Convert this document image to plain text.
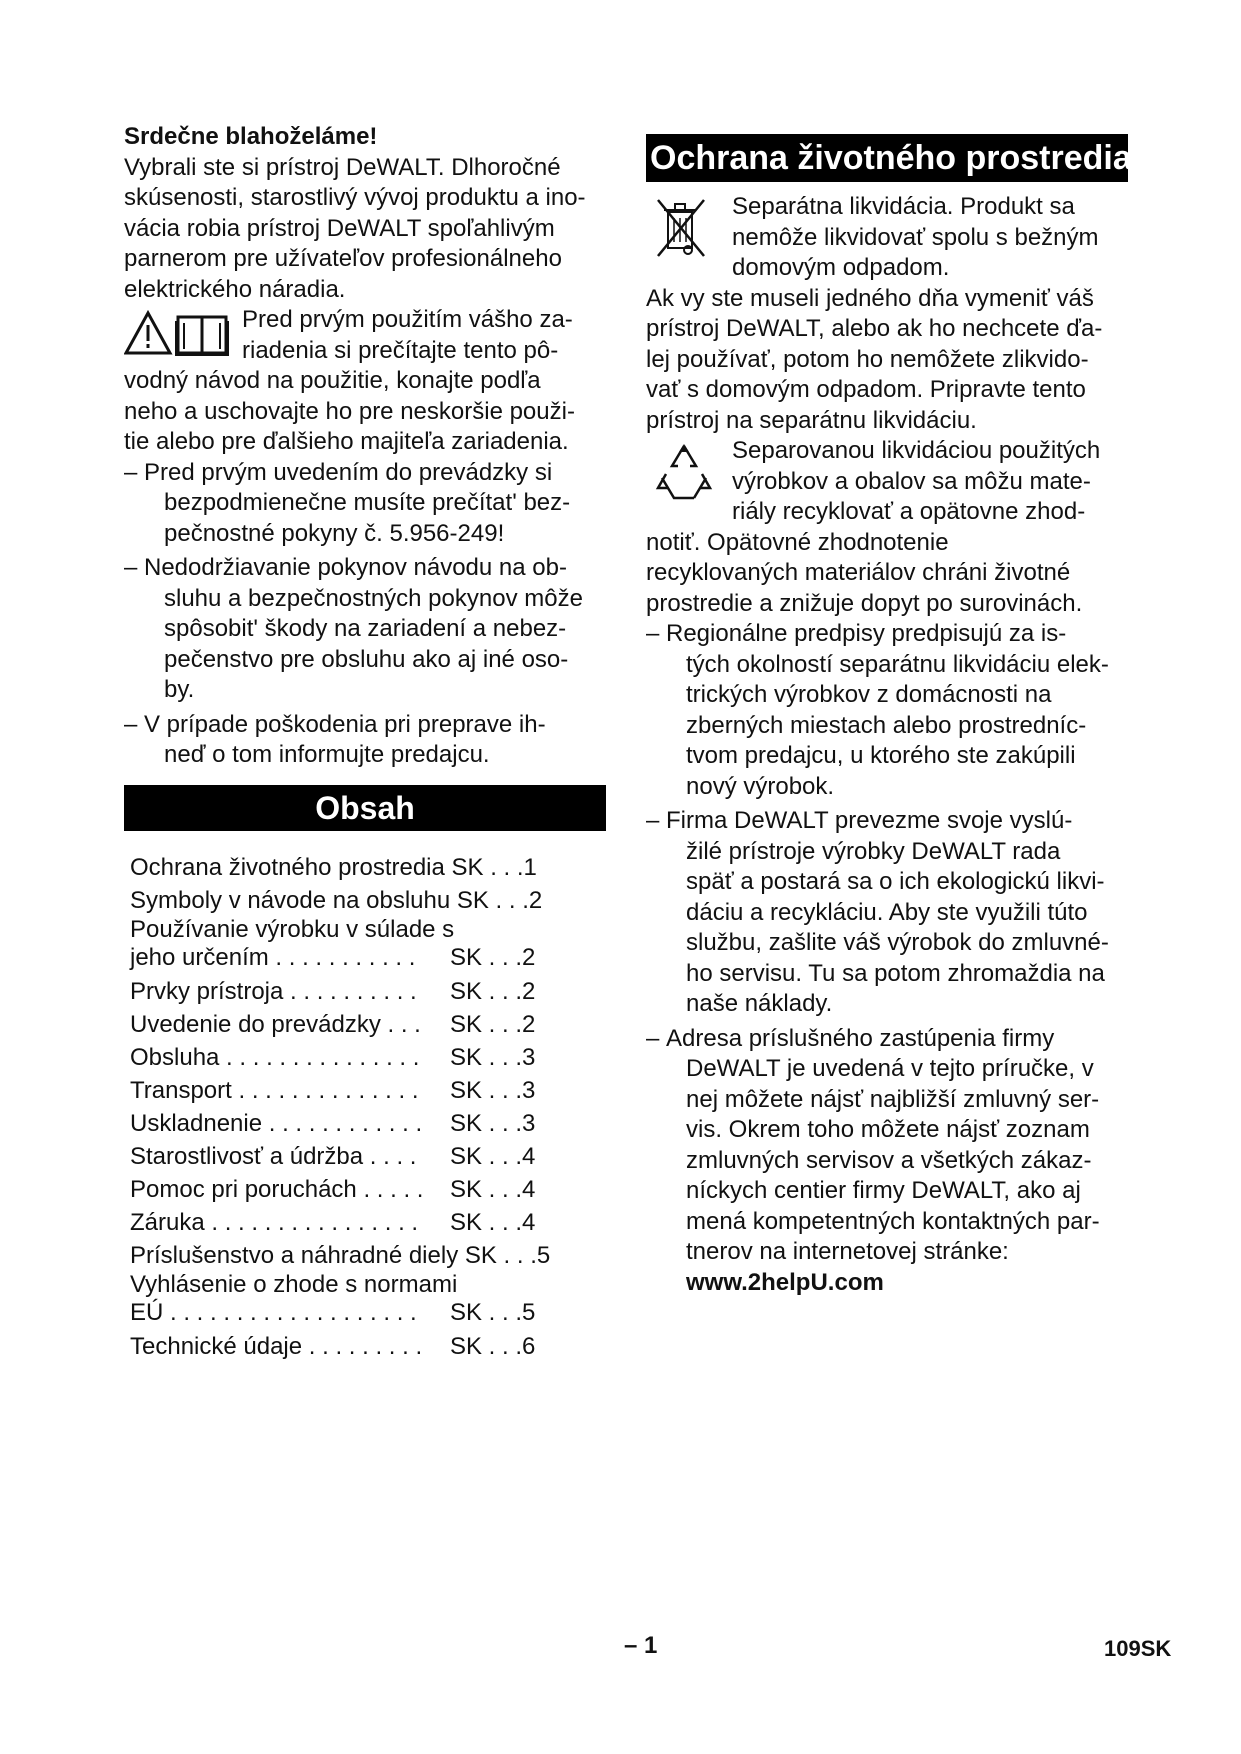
Srdečne blahoželáme!

Vybrali ste si prístroj DeWALT. Dlhoročné
skúsenosti, starostlivý vývoj produktu a ino-
vácia robia prístroj DeWALT spoľahlivým
parnerom pre užívateľov profesionálneho
elektrického náradia.
Pred prvým použitím vášho za-
riadenia si prečítajte tento pô-
vodný návod na použitie, konajte podľa
neho a uschovajte ho pre neskoršie použi-
tie alebo pre ďalšieho majiteľa zariadenia.
– Pred prvým uvedením do prevádzky si
bezpodmienečne musíte prečítat' bez-
pečnostné pokyny č. 5.956-249!
– Nedodržiavanie pokynov návodu na ob-
sluhu a bezpečnostných pokynov môže
spôsobit' škody na zariadení a nebez-
pečenstvo pre obsluhu ako aj iné oso-
by.
– V prípade poškodenia pri preprave ih-
neď o tom informujte predajcu.
Obsah
Ochrana životného prostredia SK . . .1
Symboly v návode na obsluhu SK . . .2
Používanie výrobku v súlade s
jeho určením . . . . . . . . . . . SK . . .2
Prvky prístroja . . . . . . . . . . SK . . .2
Uvedenie do prevádzky . . . SK . . .2
Obsluha . . . . . . . . . . . . . . . SK . . .3
Transport . . . . . . . . . . . . . . SK . . .3
Uskladnenie . . . . . . . . . . . . SK . . .3
Starostlivosť a údržba . . . . SK . . .4
Pomoc pri poruchách . . . . . SK . . .4
Záruka . . . . . . . . . . . . . . . . SK . . .4
Príslušenstvo a náhradné diely SK . . .5
Vyhlásenie o zhode s normami
EÚ . . . . . . . . . . . . . . . . . . . SK . . .5
Technické údaje . . . . . . . . . SK . . .6
Ochrana životného prostredia
Separátna likvidácia. Produkt sa
nemôže likvidovať spolu s bežným
domovým odpadom.
Ak vy ste museli jedného dňa vymeniť váš
prístroj DeWALT, alebo ak ho nechcete ďa-
lej používať, potom ho nemôžete zlikvido-
vať s domovým odpadom. Pripravte tento
prístroj na separátnu likvidáciu.
Separovanou likvidáciou použitých
výrobkov a obalov sa môžu mate-
riály recyklovať a opätovne zhod-
notiť. Opätovné zhodnotenie
recyklovaných materiálov chráni životné
prostredie a znižuje dopyt po surovinách.
– Regionálne predpisy predpisujú za is-
tých okolností separátnu likvidáciu elek-
trických výrobkov z domácnosti na
zberných miestach alebo prostredníc-
tvom predajcu, u ktorého ste zakúpili
nový výrobok.
– Firma DeWALT prevezme svoje vyslú-
žilé prístroje výrobky DeWALT rada
späť a postará sa o ich ekologickú likvi-
dáciu a recykláciu. Aby ste využili túto
službu, zašlite váš výrobok do zmluvné-
ho servisu. Tu sa potom zhromaždia na
naše náklady.
– Adresa príslušného zastúpenia firmy
DeWALT je uvedená v tejto príručke, v
nej môžete nájsť najbližší zmluvný ser-
vis. Okrem toho môžete nájsť zoznam
zmluvných servisov a všetkých zákaz-
níckych centier firmy DeWALT, ako aj
mená kompetentných kontaktných par-
tnerov na internetovej stránke:
www.2helpU.com
– 1	109SK
